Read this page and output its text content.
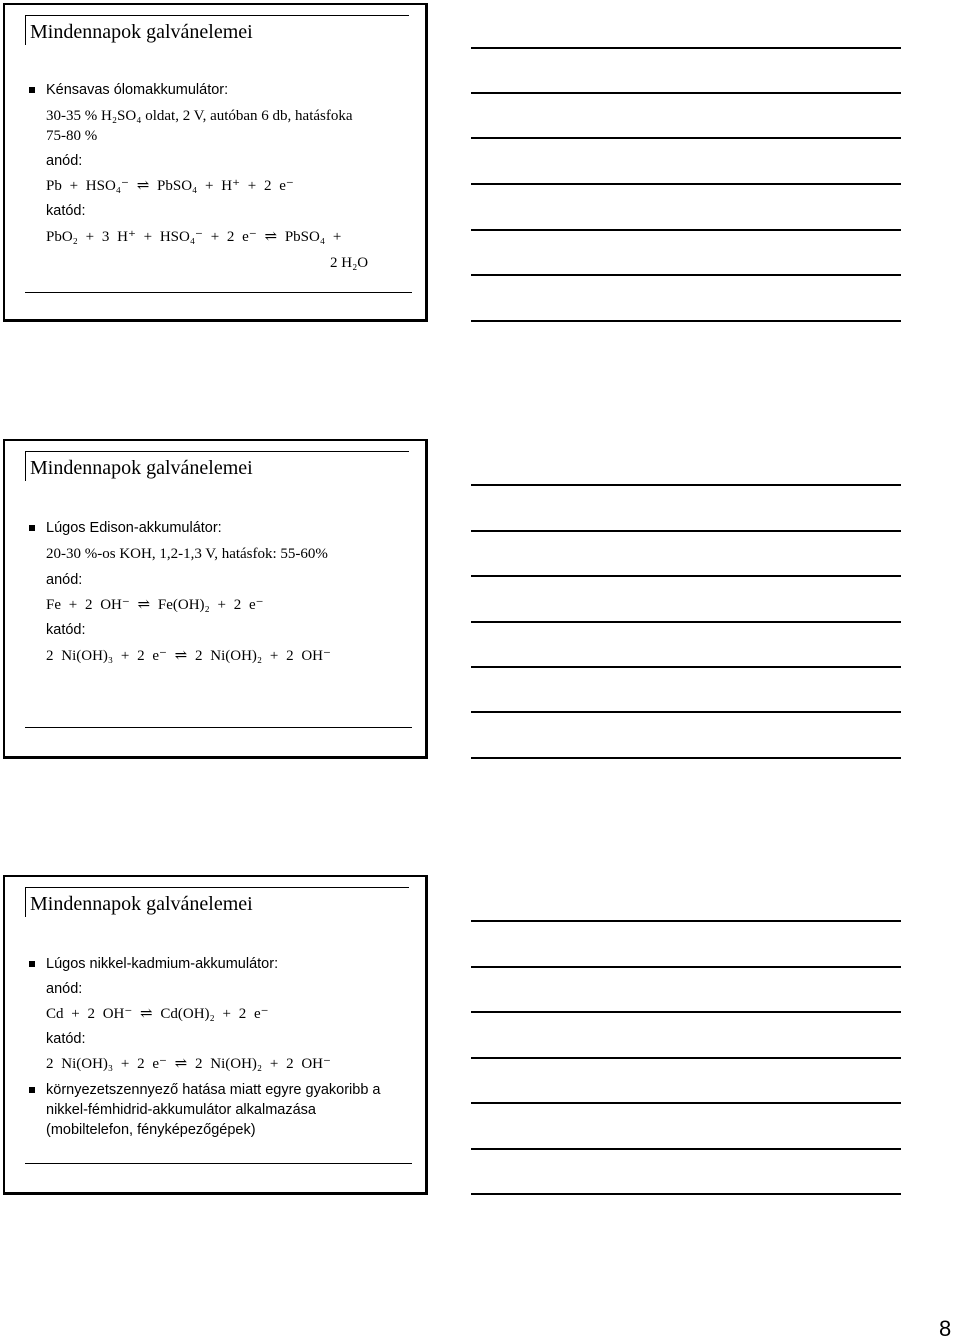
Mindennapok galvánelemei
Kénsavas ólomakkumulátor:
30-35 % H₂SO₄ oldat, 2 V, autóban 6 db, hatásfoka
75-80 %
anód:
Pb + HSO₄⁻ ⇌ PbSO₄ + H⁺ + 2 e⁻
katód:
PbO₂ + 3 H⁺ + HSO₄⁻ + 2 e⁻ ⇌ PbSO₄ +
2 H₂O
Mindennapok galvánelemei
Lúgos Edison-akkumulátor:
20-30 %-os KOH, 1,2-1,3 V, hatásfok: 55-60%
anód:
Fe + 2 OH⁻ ⇌ Fe(OH)₂ + 2 e⁻
katód:
2 Ni(OH)₃ + 2 e⁻ ⇌ 2 Ni(OH)₂ + 2 OH⁻
Mindennapok galvánelemei
Lúgos nikkel-kadmium-akkumulátor:
anód:
Cd + 2 OH⁻ ⇌ Cd(OH)₂ + 2 e⁻
katód:
2 Ni(OH)₃ + 2 e⁻ ⇌ 2 Ni(OH)₂ + 2 OH⁻
környezetszennyező hatása miatt egyre gyakoribb a
nikkel-fémhidrid-akkumulátor alkalmazása
(mobiltelefon, fényképezőgépek)
8
